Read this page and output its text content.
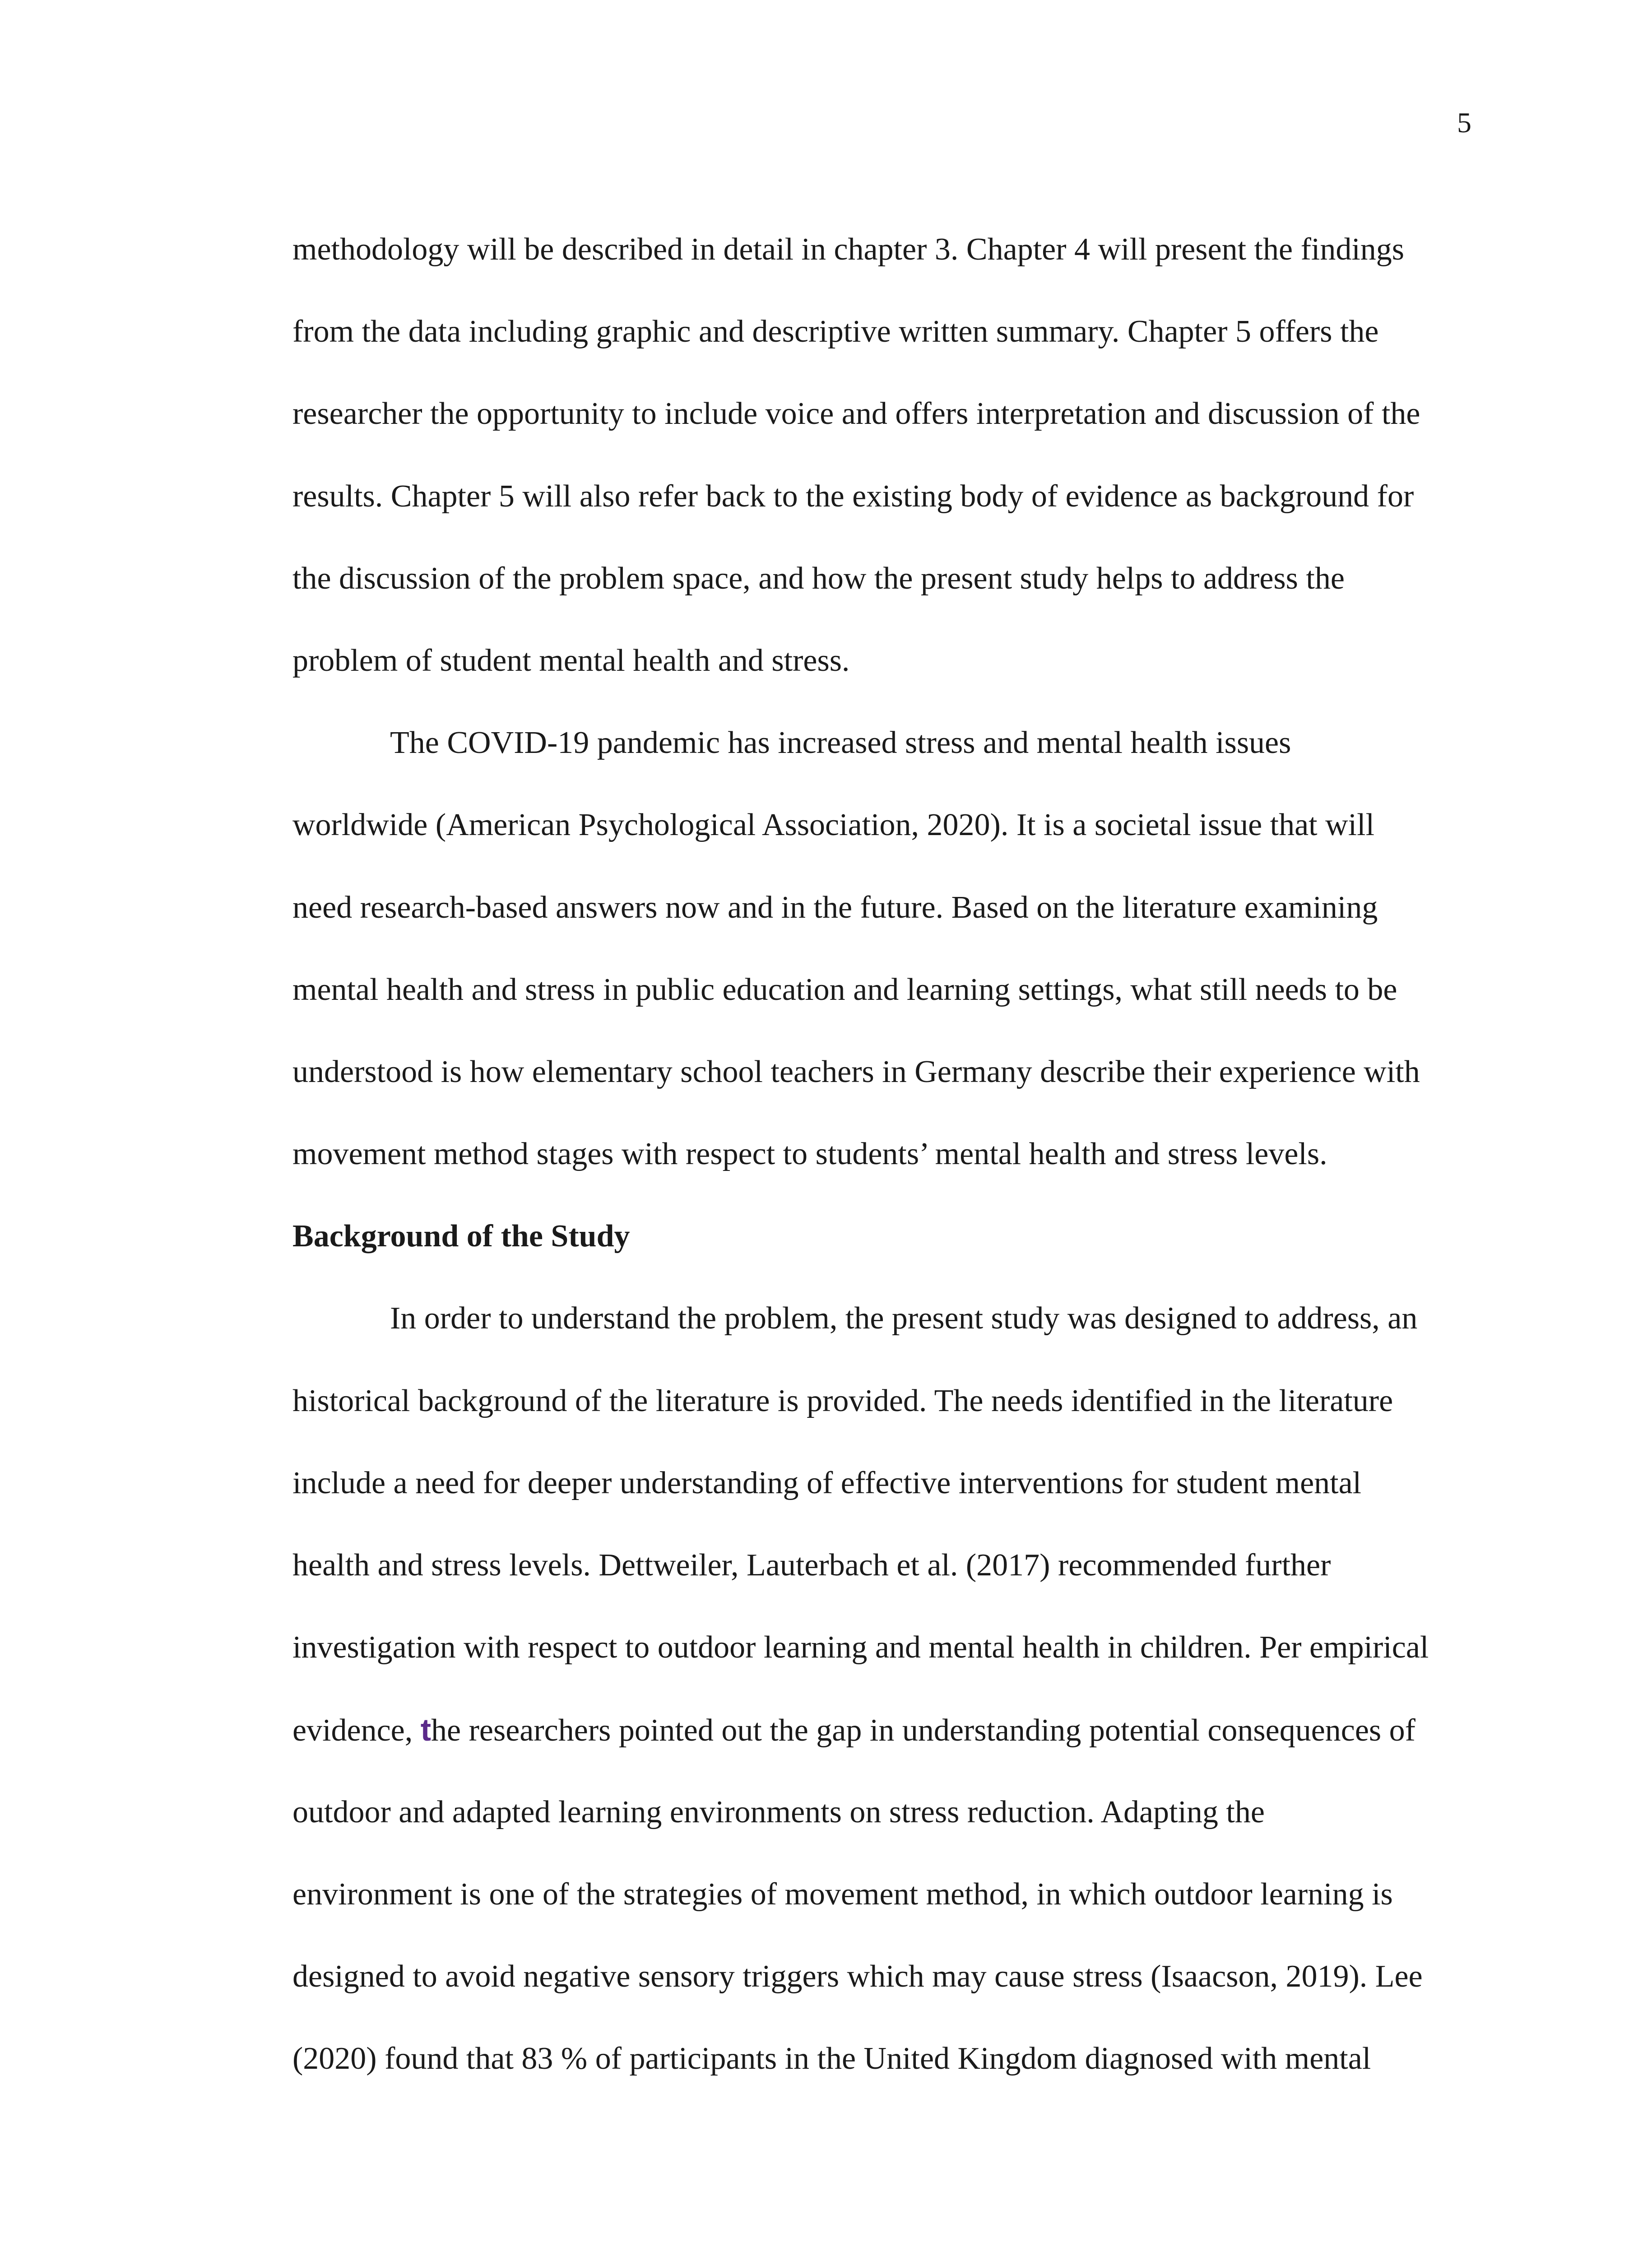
5
methodology will be described in detail in chapter 3. Chapter 4 will present the findings
from the data including graphic and descriptive written summary. Chapter 5 offers the
researcher the opportunity to include voice and offers interpretation and discussion of the
results. Chapter 5 will also refer back to the existing body of evidence as background for
the discussion of the problem space, and how the present study helps to address the
problem of student mental health and stress.
The COVID-19 pandemic has increased stress and mental health issues
worldwide (American Psychological Association, 2020). It is a societal issue that will
need research-based answers now and in the future. Based on the literature examining
mental health and stress in public education and learning settings, what still needs to be
understood is how elementary school teachers in Germany describe their experience with
movement method stages with respect to students’ mental health and stress levels.
Background of the Study
In order to understand the problem, the present study was designed to address, an
historical background of the literature is provided. The needs identified in the literature
include a need for deeper understanding of effective interventions for student mental
health and stress levels. Dettweiler, Lauterbach et al. (2017) recommended further
investigation with respect to outdoor learning and mental health in children. Per empirical
evidence, the researchers pointed out the gap in understanding potential consequences of
outdoor and adapted learning environments on stress reduction. Adapting the
environment is one of the strategies of movement method, in which outdoor learning is
designed to avoid negative sensory triggers which may cause stress (Isaacson, 2019). Lee
(2020) found that 83 % of participants in the United Kingdom diagnosed with mental
